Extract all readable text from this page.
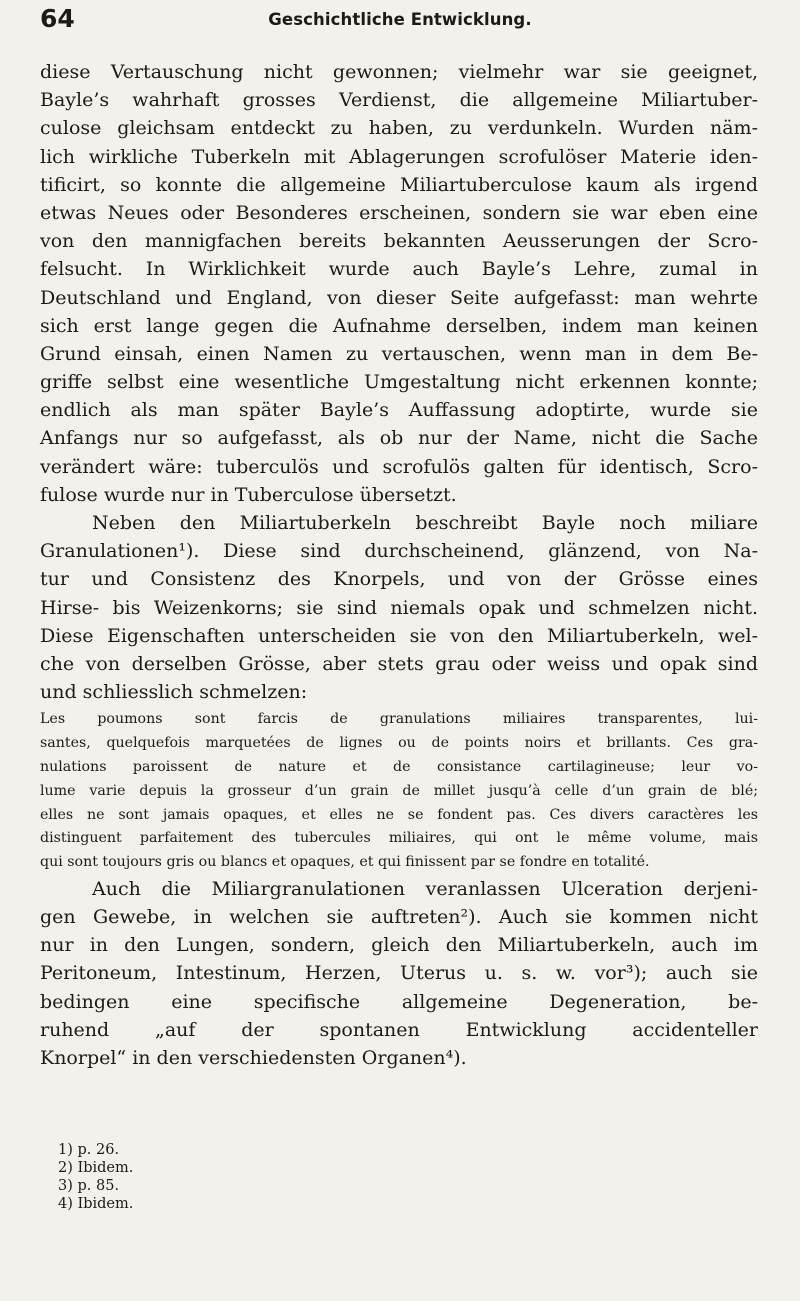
64	Geschichtliche Entwicklung.
diese Vertauschung nicht gewonnen; vielmehr war sie geeignet,
Bayle’s wahrhaft grosses Verdienst, die allgemeine Miliartuber-
culose gleichsam entdeckt zu haben, zu verdunkeln. Wurden näm-
lich wirkliche Tuberkeln mit Ablagerungen scrofulöser Materie iden-
tificirt, so konnte die allgemeine Miliartuberculose kaum als irgend
etwas Neues oder Besonderes erscheinen, sondern sie war eben eine
von den mannigfachen bereits bekannten Aeusserungen der Scro-
felsucht. In Wirklichkeit wurde auch Bayle’s Lehre, zumal in
Deutschland und England, von dieser Seite aufgefasst: man wehrte
sich erst lange gegen die Aufnahme derselben, indem man keinen
Grund einsah, einen Namen zu vertauschen, wenn man in dem Be-
griffe selbst eine wesentliche Umgestaltung nicht erkennen konnte;
endlich als man später Bayle’s Auffassung adoptirte, wurde sie
Anfangs nur so aufgefasst, als ob nur der Name, nicht die Sache
verändert wäre: tuberculös und scrofulös galten für identisch, Scro-
fulose wurde nur in Tuberculose übersetzt.
Neben den Miliartuberkeln beschreibt Bayle noch miliare
Granulationen¹). Diese sind durchscheinend, glänzend, von Na-
tur und Consistenz des Knorpels, und von der Grösse eines
Hirse- bis Weizenkorns; sie sind niemals opak und schmelzen nicht.
Diese Eigenschaften unterscheiden sie von den Miliartuberkeln, wel-
che von derselben Grösse, aber stets grau oder weiss und opak sind
und schliesslich schmelzen:
Les poumons sont farcis de granulations miliaires transparentes, lui-
santes, quelquefois marquetées de lignes ou de points noirs et brillants. Ces gra-
nulations paroissent de nature et de consistance cartilagineuse; leur vo-
lume varie depuis la grosseur d’un grain de millet jusqu’à celle d’un grain de blé;
elles ne sont jamais opaques, et elles ne se fondent pas. Ces divers caractères les
distinguent parfaitement des tubercules miliaires, qui ont le même volume, mais
qui sont toujours gris ou blancs et opaques, et qui finissent par se fondre en totalité.
Auch die Miliargranulationen veranlassen Ulceration derjeni-
gen Gewebe, in welchen sie auftreten²). Auch sie kommen nicht
nur in den Lungen, sondern, gleich den Miliartuberkeln, auch im
Peritoneum, Intestinum, Herzen, Uterus u. s. w. vor³); auch sie
bedingen eine specifische allgemeine Degeneration, be-
ruhend „auf der spontanen Entwicklung accidenteller
Knorpel“ in den verschiedensten Organen⁴).
1) p. 26.
2) Ibidem.
3) p. 85.
4) Ibidem.
